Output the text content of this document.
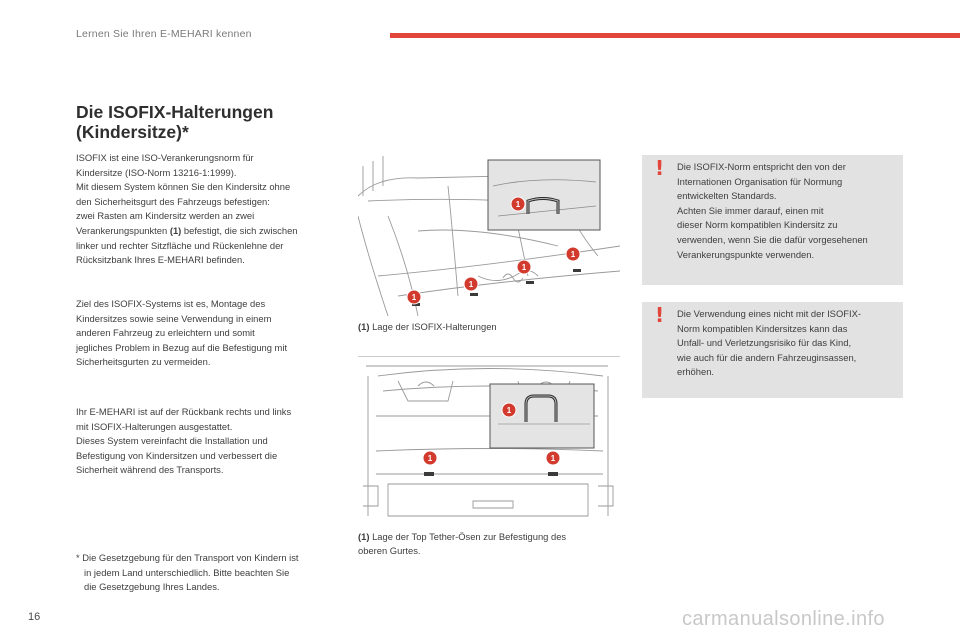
Lernen Sie Ihren E-MEHARI kennen
Die ISOFIX-Halterungen
(Kindersitze)*
ISOFIX ist eine ISO-Verankerungsnorm für
Kindersitze (ISO-Norm 13216-1:1999).
Mit diesem System können Sie den Kindersitz ohne
den Sicherheitsgurt des Fahrzeugs befestigen:
zwei Rasten am Kindersitz werden an zwei
Verankerungspunkten (1) befestigt, die sich zwischen
linker und rechter Sitzfläche und Rückenlehne der
Rücksitzbank Ihres E-MEHARI befinden.
Ziel des ISOFIX-Systems ist es, Montage des
Kindersitzes sowie seine Verwendung in einem
anderen Fahrzeug zu erleichtern und somit
jegliches Problem in Bezug auf die Befestigung mit
Sicherheitsgurten zu vermeiden.
Ihr E-MEHARI ist auf der Rückbank rechts und links
mit ISOFIX-Halterungen ausgestattet.
Dieses System vereinfacht die Installation und
Befestigung von Kindersitzen und verbessert die
Sicherheit während des Transports.
* Die Gesetzgebung für den Transport von Kindern ist
in jedem Land unterschiedlich. Bitte beachten Sie
die Gesetzgebung Ihres Landes.
1
1
1
1
1
(1) Lage der ISOFIX-Halterungen
1
1	1
(1) Lage der Top Tether-Ösen zur Befestigung des
oberen Gurtes.
! Die ISOFIX-Norm entspricht den von der
Internationen Organisation für Normung
entwickelten Standards.
Achten Sie immer darauf, einen mit
dieser Norm kompatiblen Kindersitz zu
verwenden, wenn Sie die dafür vorgesehenen
Verankerungspunkte verwenden.
! Die Verwendung eines nicht mit der ISOFIX-
Norm kompatiblen Kindersitzes kann das
Unfall- und Verletzungsrisiko für das Kind,
wie auch für die andern Fahrzeuginsassen,
erhöhen.
16	carmanualsonline.info
